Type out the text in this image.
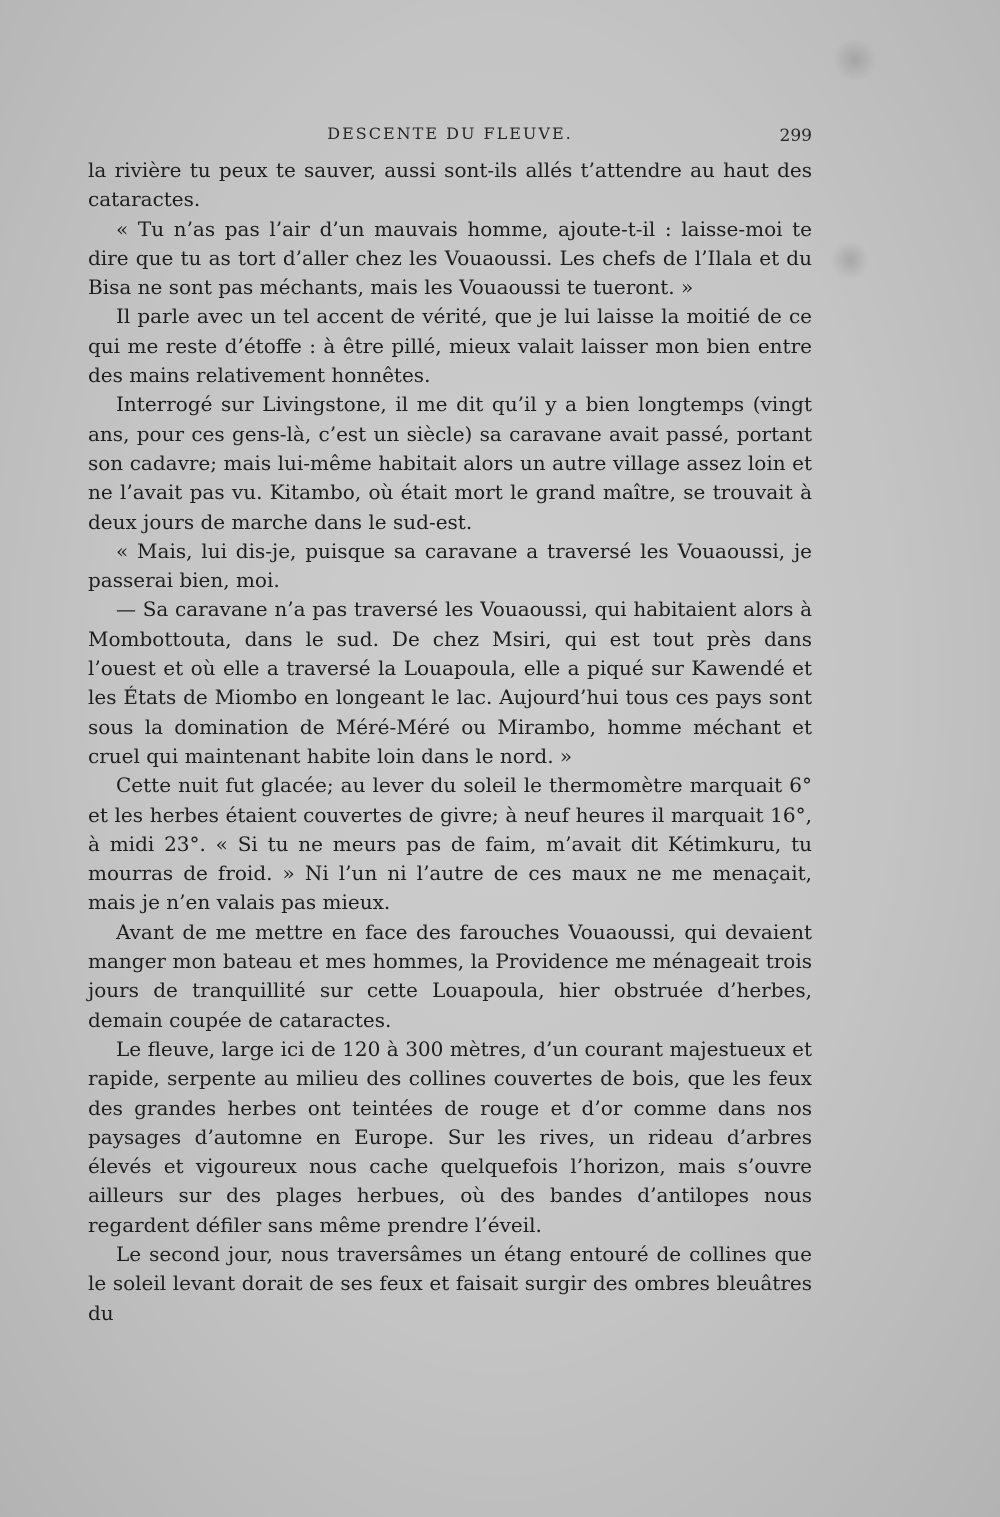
DESCENTE DU FLEUVE.	299

la rivière tu peux te sauver, aussi sont-ils allés t’attendre au haut des cataractes.

« Tu n’as pas l’air d’un mauvais homme, ajoute-t-il : laisse-moi te dire que tu as tort d’aller chez les Vouaoussi. Les chefs de l’Ilala et du Bisa ne sont pas méchants, mais les Vouaoussi te tueront. »

Il parle avec un tel accent de vérité, que je lui laisse la moitié de ce qui me reste d’étoffe : à être pillé, mieux valait laisser mon bien entre des mains relativement honnêtes.

Interrogé sur Livingstone, il me dit qu’il y a bien longtemps (vingt ans, pour ces gens-là, c’est un siècle) sa caravane avait passé, portant son cadavre; mais lui-même habitait alors un autre village assez loin et ne l’avait pas vu. Kitambo, où était mort le grand maître, se trouvait à deux jours de marche dans le sud-est.

« Mais, lui dis-je, puisque sa caravane a traversé les Vouaoussi, je passerai bien, moi.

— Sa caravane n’a pas traversé les Vouaoussi, qui habitaient alors à Mombottouta, dans le sud. De chez Msiri, qui est tout près dans l’ouest et où elle a traversé la Louapoula, elle a piqué sur Kawendé et les États de Miombo en longeant le lac. Aujourd’hui tous ces pays sont sous la domination de Méré-Méré ou Mirambo, homme méchant et cruel qui maintenant habite loin dans le nord. »

Cette nuit fut glacée; au lever du soleil le thermomètre marquait 6° et les herbes étaient couvertes de givre; à neuf heures il marquait 16°, à midi 23°. « Si tu ne meurs pas de faim, m’avait dit Kétimkuru, tu mourras de froid. » Ni l’un ni l’autre de ces maux ne me menaçait, mais je n’en valais pas mieux.

Avant de me mettre en face des farouches Vouaoussi, qui devaient manger mon bateau et mes hommes, la Providence me ménageait trois jours de tranquillité sur cette Louapoula, hier obstruée d’herbes, demain coupée de cataractes.

Le fleuve, large ici de 120 à 300 mètres, d’un courant majestueux et rapide, serpente au milieu des collines couvertes de bois, que les feux des grandes herbes ont teintées de rouge et d’or comme dans nos paysages d’automne en Europe. Sur les rives, un rideau d’arbres élevés et vigoureux nous cache quelquefois l’horizon, mais s’ouvre ailleurs sur des plages herbues, où des bandes d’antilopes nous regardent défiler sans même prendre l’éveil.

Le second jour, nous traversâmes un étang entouré de collines que le soleil levant dorait de ses feux et faisait surgir des ombres bleuâtres du
